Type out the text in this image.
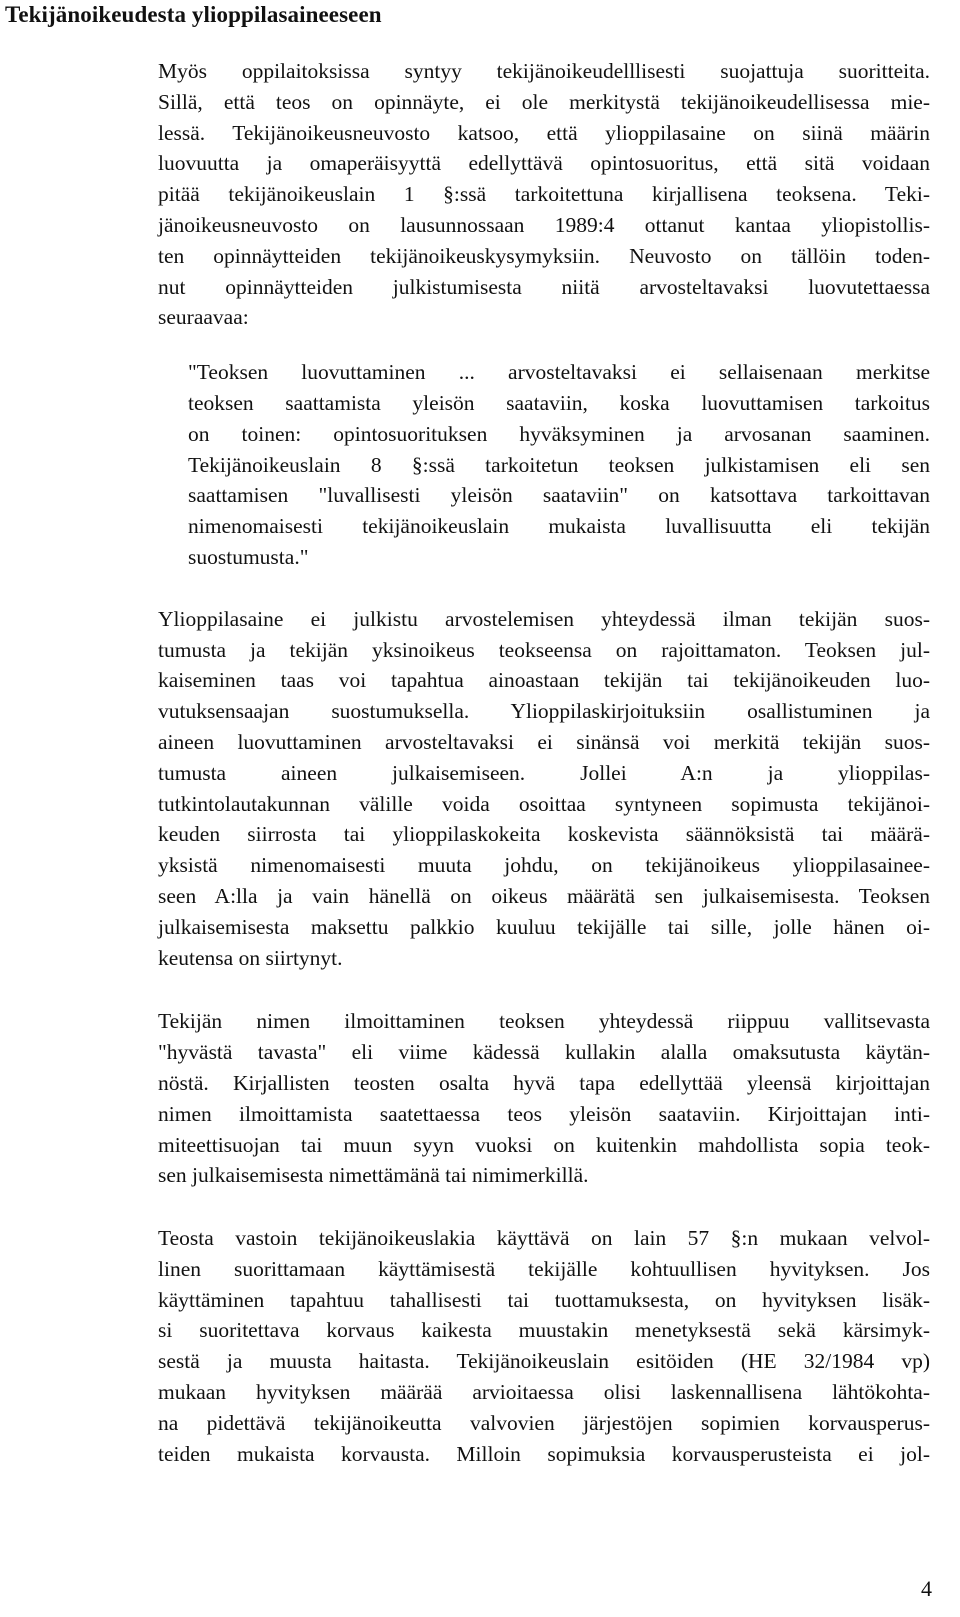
Tekijänoikeudesta ylioppilasaineeseen
Myös oppilaitoksissa syntyy tekijänoikeudelllisesti suojattuja suoritteita.
Sillä, että teos on opinnäyte, ei ole merkitystä tekijänoikeudellisessa mie-
lessä. Tekijänoikeusneuvosto katsoo, että ylioppilasaine on siinä määrin
luovuutta ja omaperäisyyttä edellyttävä opintosuoritus, että sitä voidaan
pitää tekijänoikeuslain 1 §:ssä tarkoitettuna kirjallisena teoksena. Teki-
jänoikeusneuvosto on lausunnossaan 1989:4 ottanut kantaa yliopistollis-
ten opinnäytteiden tekijänoikeuskysymyksiin. Neuvosto on tällöin toden-
nut opinnäytteiden julkistumisesta niitä arvosteltavaksi luovutettaessa
seuraavaa:
"Teoksen luovuttaminen ... arvosteltavaksi ei sellaisenaan merkitse
teoksen saattamista yleisön saataviin, koska luovuttamisen tarkoitus
on toinen: opintosuorituksen hyväksyminen ja arvosanan saaminen.
Tekijänoikeuslain 8 §:ssä tarkoitetun teoksen julkistamisen eli sen
saattamisen "luvallisesti yleisön saataviin" on katsottava tarkoittavan
nimenomaisesti tekijänoikeuslain mukaista luvallisuutta eli tekijän
suostumusta."
Ylioppilasaine ei julkistu arvostelemisen yhteydessä ilman tekijän suos-
tumusta ja tekijän yksinoikeus teokseensa on rajoittamaton. Teoksen jul-
kaiseminen taas voi tapahtua ainoastaan tekijän tai tekijänoikeuden luo-
vutuksensaajan suostumuksella. Ylioppilaskirjoituksiin osallistuminen ja
aineen luovuttaminen arvosteltavaksi ei sinänsä voi merkitä tekijän suos-
tumusta aineen julkaisemiseen. Jollei A:n ja ylioppilas-
tutkintolautakunnan välille voida osoittaa syntyneen sopimusta tekijänoi-
keuden siirrosta tai ylioppilaskokeita koskevista säännöksistä tai määrä-
yksistä nimenomaisesti muuta johdu, on tekijänoikeus ylioppilasainee-
seen A:lla ja vain hänellä on oikeus määrätä sen julkaisemisesta. Teoksen
julkaisemisesta maksettu palkkio kuuluu tekijälle tai sille, jolle hänen oi-
keutensa on siirtynyt.
Tekijän nimen ilmoittaminen teoksen yhteydessä riippuu vallitsevasta
"hyvästä tavasta" eli viime kädessä kullakin alalla omaksutusta käytän-
nöstä. Kirjallisten teosten osalta hyvä tapa edellyttää yleensä kirjoittajan
nimen ilmoittamista saatettaessa teos yleisön saataviin. Kirjoittajan inti-
miteettisuojan tai muun syyn vuoksi on kuitenkin mahdollista sopia teok-
sen julkaisemisesta nimettämänä tai nimimerkillä.
Teosta vastoin tekijänoikeuslakia käyttävä on lain 57 §:n mukaan velvol-
linen suorittamaan käyttämisestä tekijälle kohtuullisen hyvityksen. Jos
käyttäminen tapahtuu tahallisesti tai tuottamuksesta, on hyvityksen lisäk-
si suoritettava korvaus kaikesta muustakin menetyksestä sekä kärsimyk-
sestä ja muusta haitasta. Tekijänoikeuslain esitöiden (HE 32/1984 vp)
mukaan hyvityksen määrää arvioitaessa olisi laskennallisena lähtökohta-
na pidettävä tekijänoikeutta valvovien järjestöjen sopimien korvausperus-
teiden mukaista korvausta. Milloin sopimuksia korvausperusteista ei jol-
4
